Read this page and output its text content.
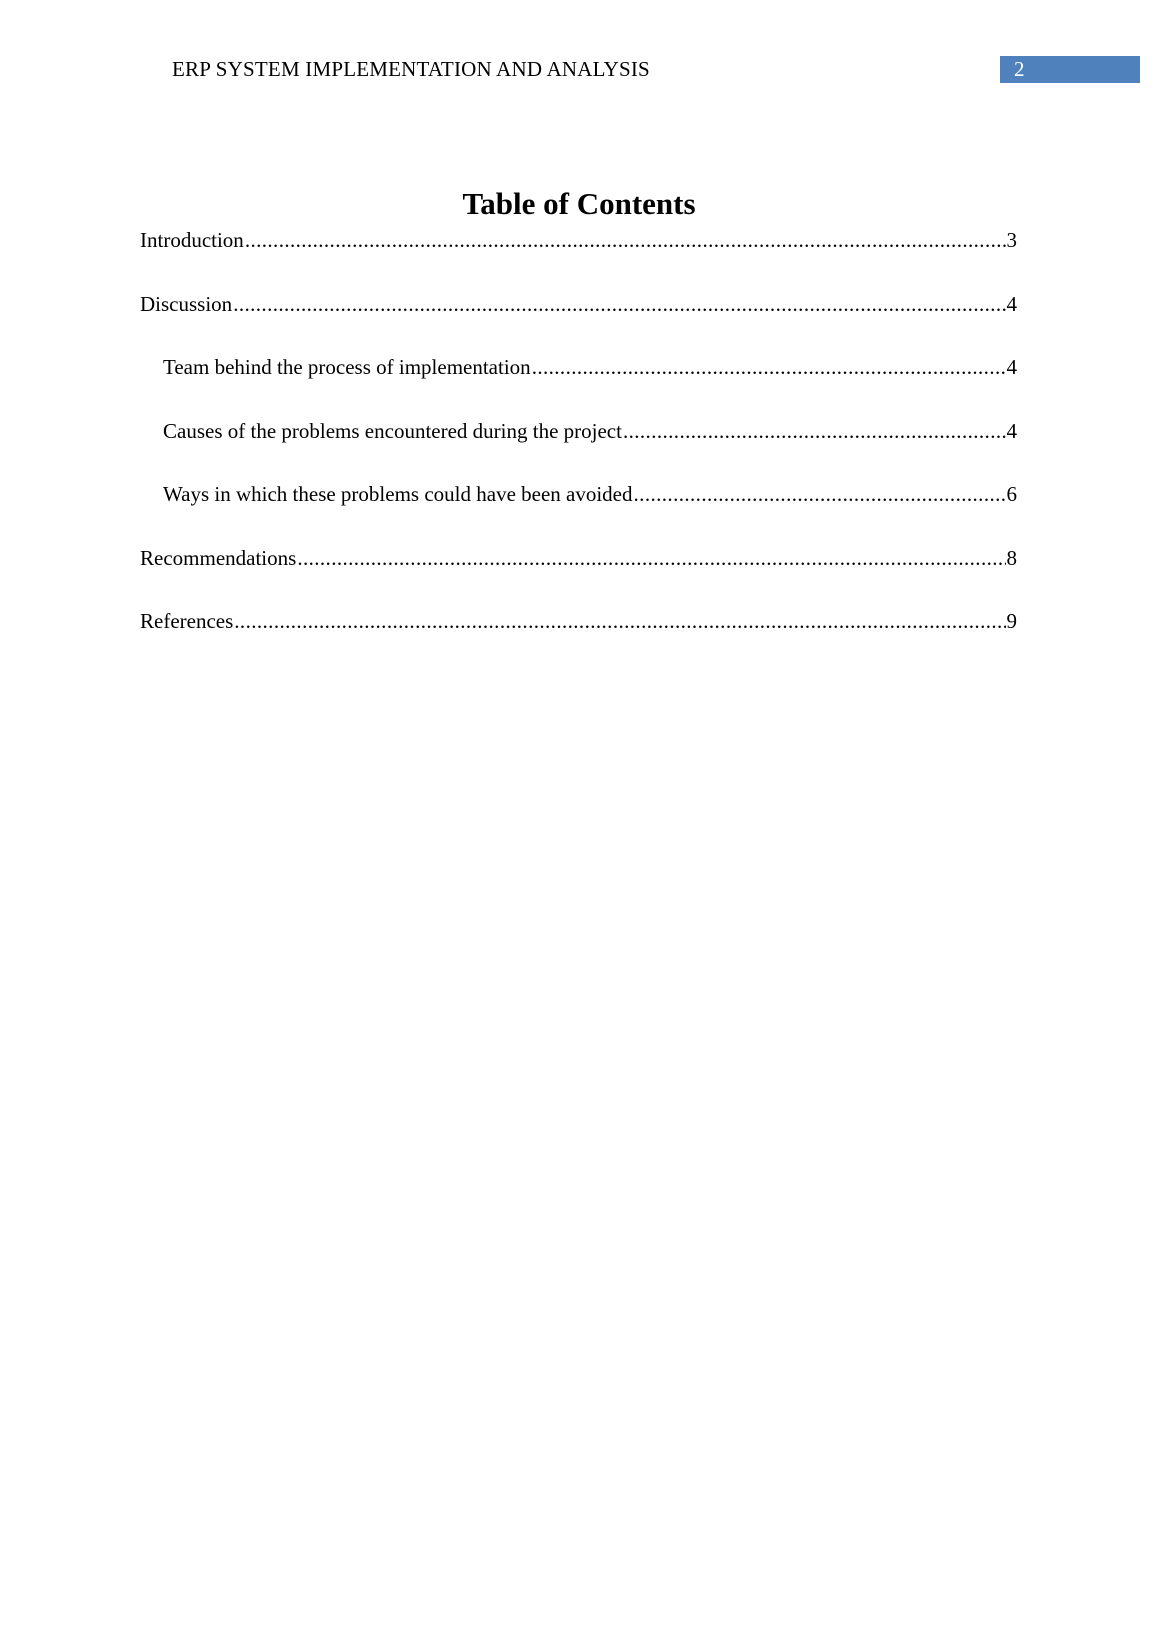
ERP SYSTEM IMPLEMENTATION AND ANALYSIS	2
Table of Contents
Introduction .....	3
Discussion .....	4
Team behind the process of implementation .....	4
Causes of the problems encountered during the project .....	4
Ways in which these problems could have been avoided .....	6
Recommendations .....	8
References .....	9
